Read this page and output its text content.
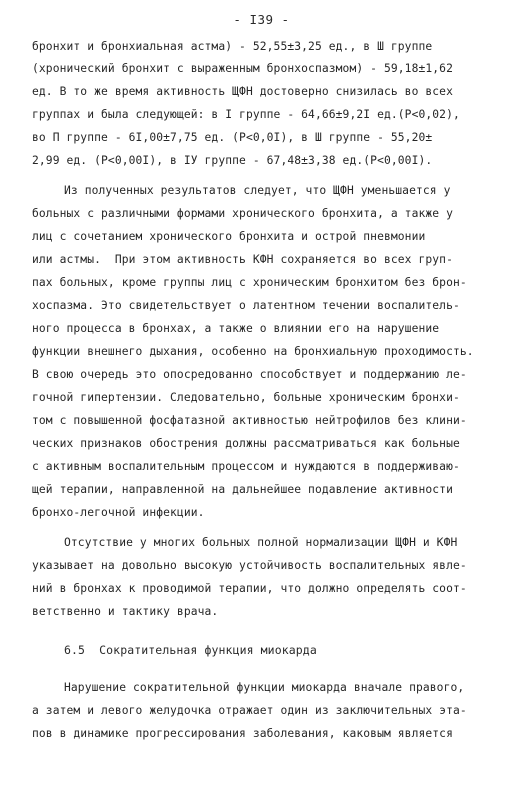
- I39 -
бронхит и бронхиальная астма) - 52,55±3,25 ед., в Ш группе
(хронический бронхит с выраженным бронхоспазмом) - 59,18±1,62
ед. В то же время активность ЩФН достоверно снизилась во всех
группах и была следующей: в I группе - 64,66±9,2I ед.(P<0,02),
во П группе - 6I,00±7,75 ед. (P<0,0I), в Ш группе - 55,20±
2,99 ед. (P<0,00I), в IУ группе - 67,48±3,38 ед.(P<0,00I).
Из полученных результатов следует, что ЩФН уменьшается у
больных с различными формами хронического бронхита, а также у
лиц с сочетанием хронического бронхита и острой пневмонии
или астмы.  При этом активность КФН сохраняется во всех груп-
пах больных, кроме группы лиц с хроническим бронхитом без брон-
хоспазма. Это свидетельствует о латентном течении воспалитель-
ного процесса в бронхах, а также о влиянии его на нарушение
функции внешнего дыхания, особенно на бронхиальную проходимость.
В свою очередь это опосредованно способствует и поддержанию ле-
гочной гипертензии. Следовательно, больные хроническим бронхи-
том с повышенной фосфатазной активностью нейтрофилов без клини-
ческих признаков обострения должны рассматриваться как больные
с активным воспалительным процессом и нуждаются в поддерживаю-
щей терапии, направленной на дальнейшее подавление активности
бронхо-легочной инфекции.
Отсутствие у многих больных полной нормализации ЩФН и КФН
указывает на довольно высокую устойчивость воспалительных явле-
ний в бронхах к проводимой терапии, что должно определять соот-
ветственно и тактику врача.
6.5  Сократительная функция миокарда
Нарушение сократительной функции миокарда вначале правого,
а затем и левого желудочка отражает один из заключительных эта-
пов в динамике прогрессирования заболевания, каковым является
